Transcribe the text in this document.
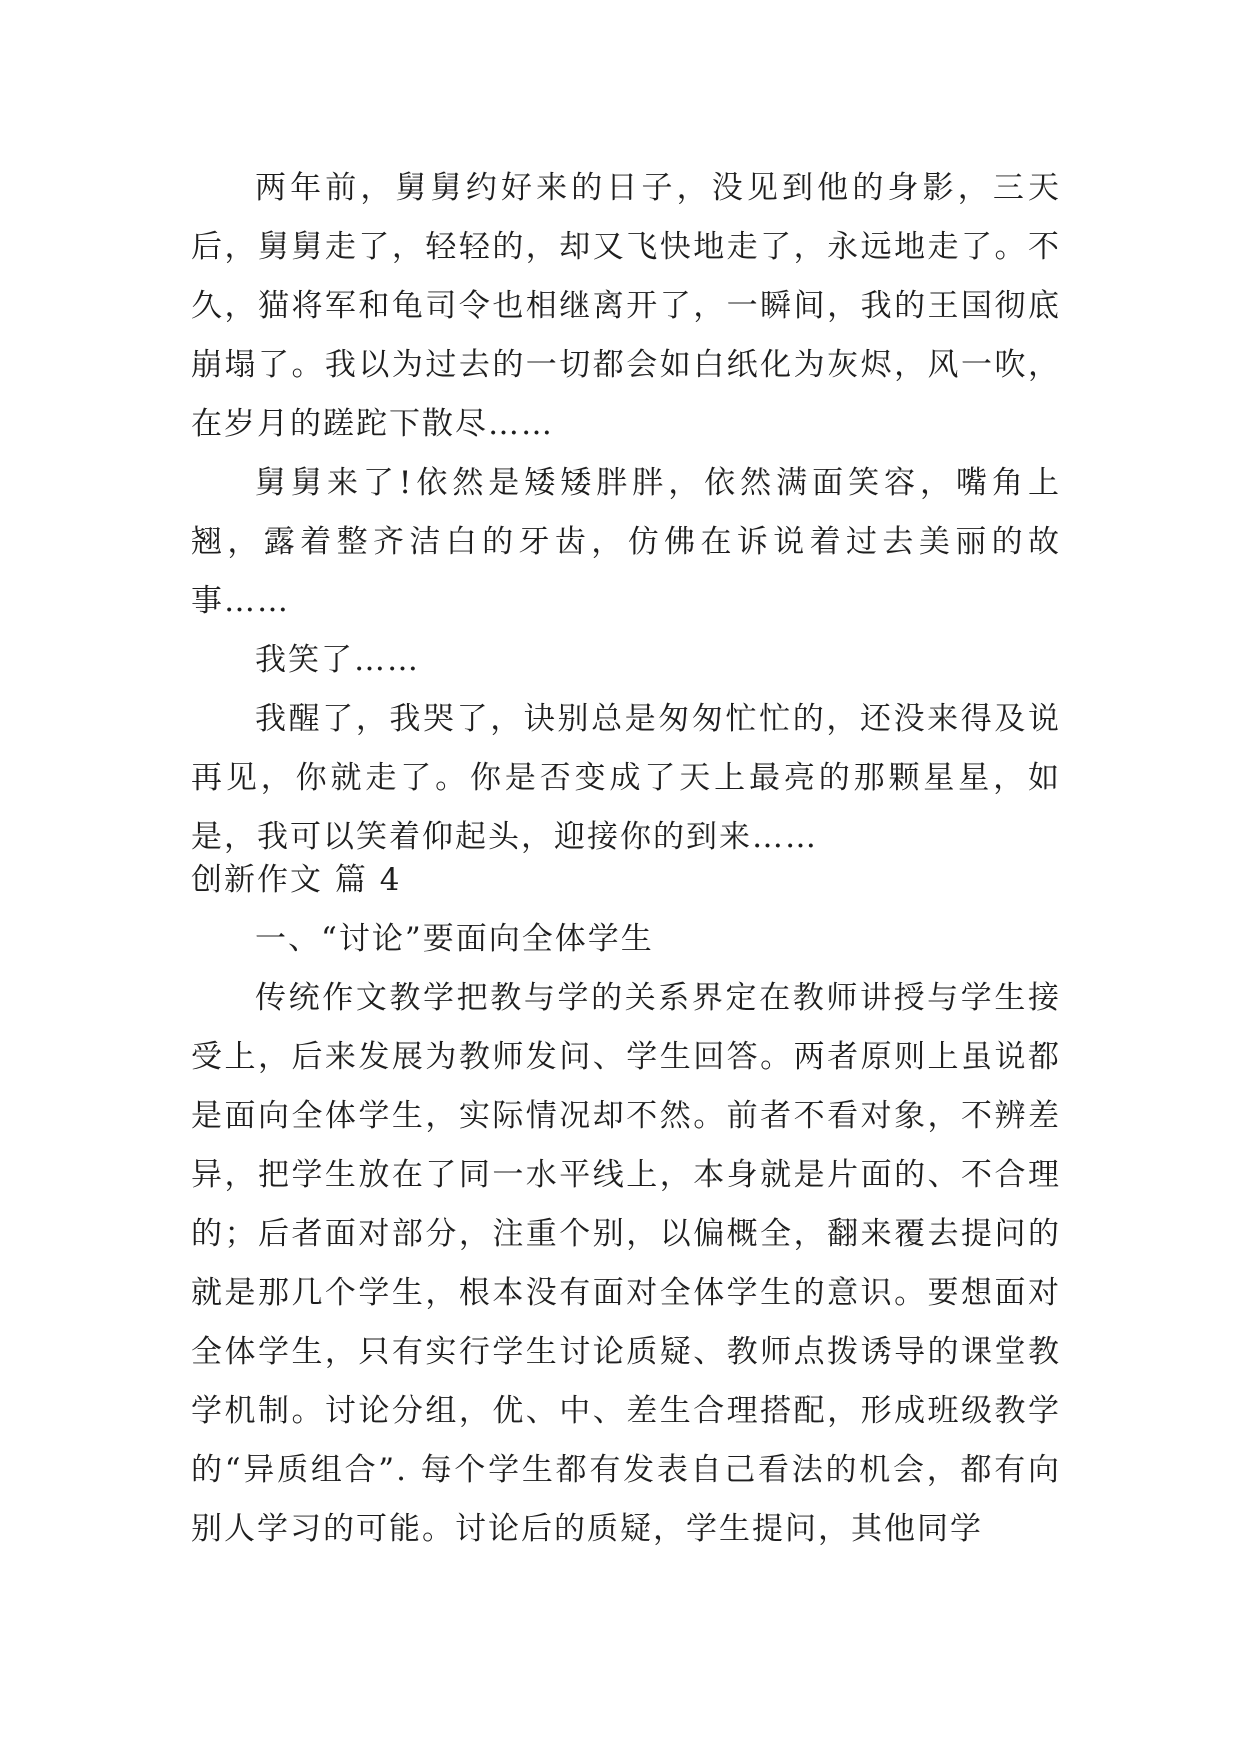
两年前，舅舅约好来的日子，没见到他的身影，三天后，舅舅走了，轻轻的，却又飞快地走了，永远地走了。不久，猫将军和龟司令也相继离开了，一瞬间，我的王国彻底崩塌了。我以为过去的一切都会如白纸化为灰烬，风一吹，在岁月的蹉跎下散尽……

舅舅来了!依然是矮矮胖胖，依然满面笑容，嘴角上翘，露着整齐洁白的牙齿，仿佛在诉说着过去美丽的故事……

我笑了……

我醒了，我哭了，诀别总是匆匆忙忙的，还没来得及说再见，你就走了。你是否变成了天上最亮的那颗星星，如是，我可以笑着仰起头，迎接你的到来……

创新作文 篇 4

一、“讨论”要面向全体学生

传统作文教学把教与学的关系界定在教师讲授与学生接受上，后来发展为教师发问、学生回答。两者原则上虽说都是面向全体学生，实际情况却不然。前者不看对象，不辨差异，把学生放在了同一水平线上，本身就是片面的、不合理的；后者面对部分，注重个别，以偏概全，翻来覆去提问的就是那几个学生，根本没有面对全体学生的意识。要想面对全体学生，只有实行学生讨论质疑、教师点拨诱导的课堂教学机制。讨论分组，优、中、差生合理搭配，形成班级教学的“异质组合”. 每个学生都有发表自己看法的机会，都有向别人学习的可能。讨论后的质疑，学生提问，其他同学
